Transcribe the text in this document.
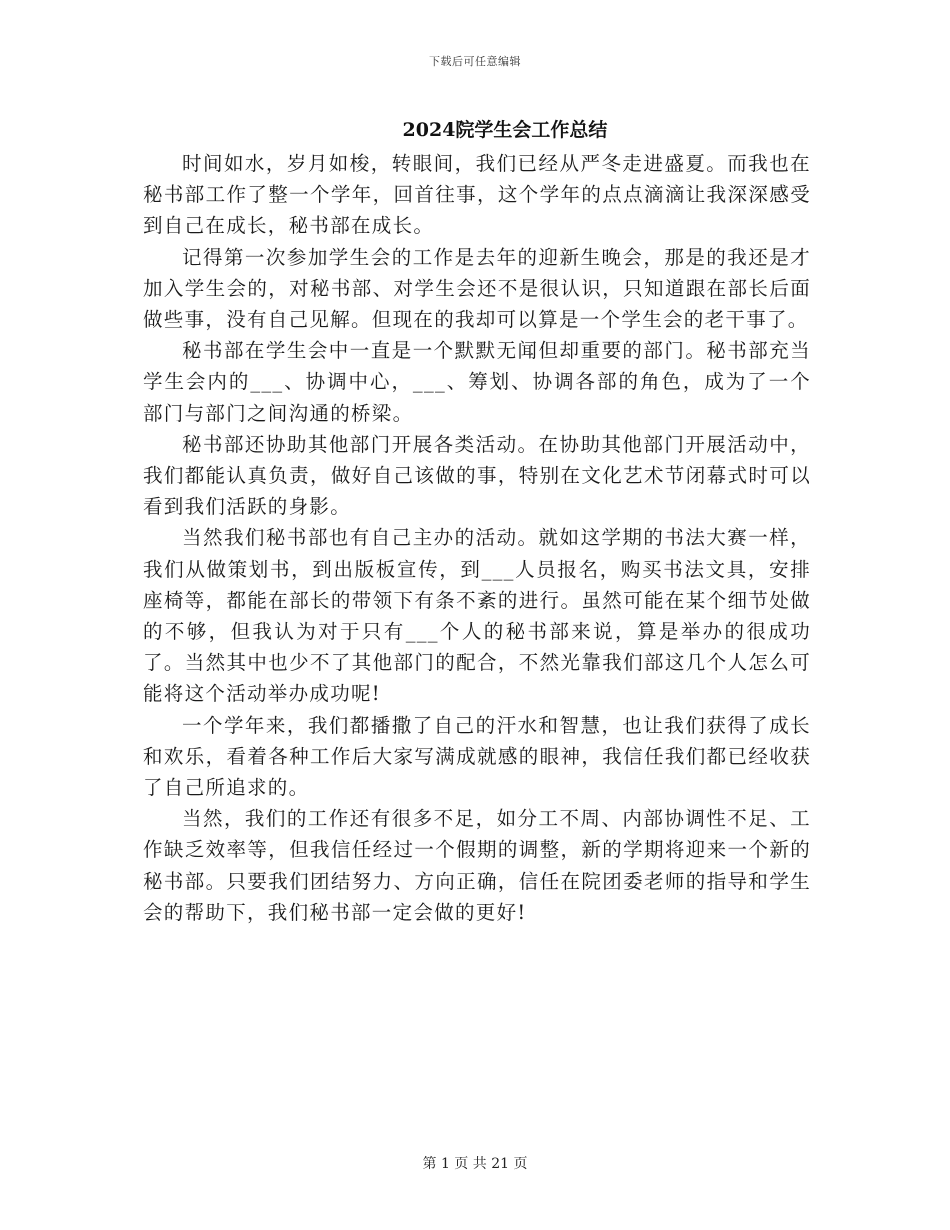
下载后可任意编辑
2024院学生会工作总结

时间如水，岁月如梭，转眼间，我们已经从严冬走进盛夏。而我也在秘书部工作了整一个学年，回首往事，这个学年的点点滴滴让我深深感受到自己在成长，秘书部在成长。

记得第一次参加学生会的工作是去年的迎新生晚会，那是的我还是才加入学生会的，对秘书部、对学生会还不是很认识，只知道跟在部长后面做些事，没有自己见解。但现在的我却可以算是一个学生会的老干事了。

秘书部在学生会中一直是一个默默无闻但却重要的部门。秘书部充当学生会内的___、协调中心，___、筹划、协调各部的角色，成为了一个部门与部门之间沟通的桥梁。

秘书部还协助其他部门开展各类活动。在协助其他部门开展活动中，我们都能认真负责，做好自己该做的事，特别在文化艺术节闭幕式时可以看到我们活跃的身影。

当然我们秘书部也有自己主办的活动。就如这学期的书法大赛一样，我们从做策划书，到出版板宣传，到___人员报名，购买书法文具，安排座椅等，都能在部长的带领下有条不紊的进行。虽然可能在某个细节处做的不够，但我认为对于只有___个人的秘书部来说，算是举办的很成功了。当然其中也少不了其他部门的配合，不然光靠我们部这几个人怎么可能将这个活动举办成功呢!

一个学年来，我们都播撒了自己的汗水和智慧，也让我们获得了成长和欢乐，看着各种工作后大家写满成就感的眼神，我信任我们都已经收获了自己所追求的。

当然，我们的工作还有很多不足，如分工不周、内部协调性不足、工作缺乏效率等，但我信任经过一个假期的调整，新的学期将迎来一个新的秘书部。只要我们团结努力、方向正确，信任在院团委老师的指导和学生会的帮助下，我们秘书部一定会做的更好!

第 1 页 共 21 页
